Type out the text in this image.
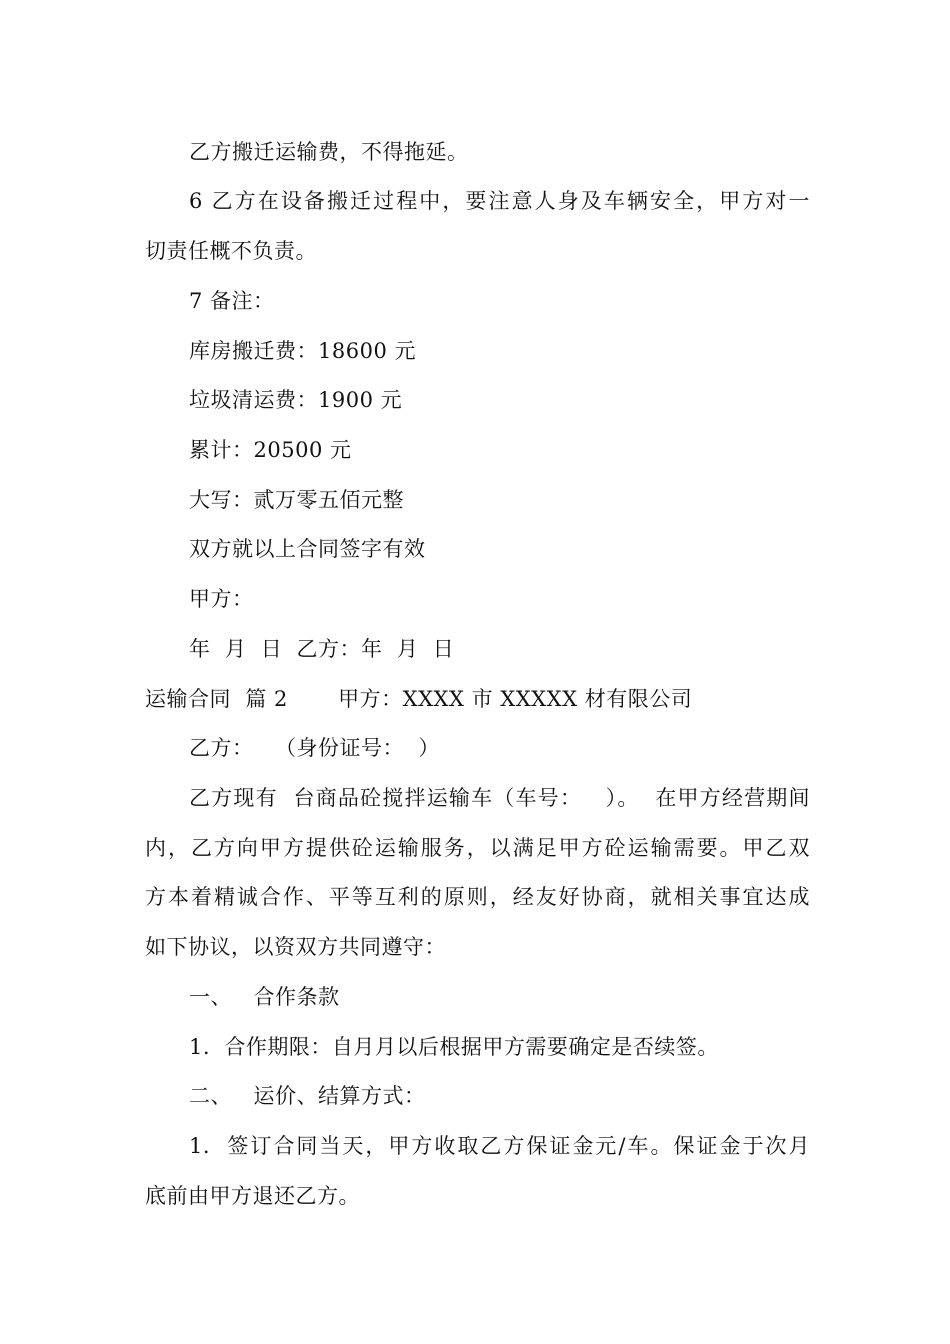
乙方搬迁运输费，不得拖延。
6 乙方在设备搬迁过程中，要注意人身及车辆安全，甲方对一
切责任概不负责。
7 备注：
库房搬迁费：18600 元
垃圾清运费：1900 元
累计：20500 元
大写：贰万零五佰元整
双方就以上合同签字有效
甲方：
年  月  日  乙方：年  月  日
运输合同  篇 2       甲方：XXXX 市 XXXXX 材有限公司
乙方：   （身份证号：  ）
乙方现有  台商品砼搅拌运输车（车号：   ）。  在甲方经营期间
内，乙方向甲方提供砼运输服务，以满足甲方砼运输需要。甲乙双
方本着精诚合作、平等互利的原则，经友好协商，就相关事宜达成
如下协议，以资双方共同遵守：
一、   合作条款
1.  合作期限：自月月以后根据甲方需要确定是否续签。
二、   运价、结算方式：
1.  签订合同当天，甲方收取乙方保证金元/车。保证金于次月
底前由甲方退还乙方。
